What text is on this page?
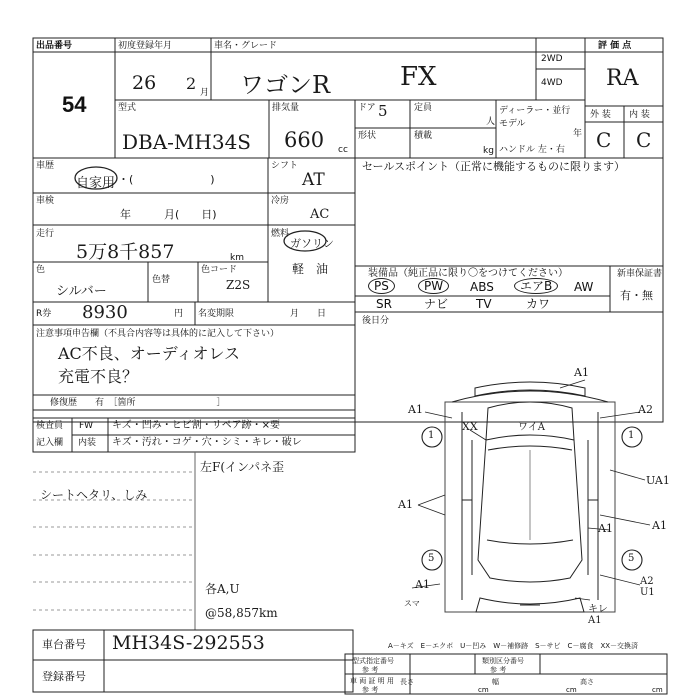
出品番号
54
初度登録年月
26 2 月
車名・グレード
ワゴンR	FX
2WD
4WD
評 価 点
RA
外 装 内 装
C C
型式
DBA-MH34S
排気量
660 cc
ドア 5
形状
定員
人
積載
kg
ディーラー・並行
モデル
年
ハンドル 左・右
車歴
自家用 ・(　　　　　　　)
車検
年　　　月(　　日)
走行
5万8千857	km
色
シルバー
色替
色コード
Z2S
R券 8930	円 名変期限	月　　日
シフト
AT
冷房
AC
燃料
ガソリン
軽　油
セールスポイント（正常に機能するものに限ります）
装備品（純正品に限り〇をつけてください）	新車保証書
有・無
PS	PW	ABS	エアB	AW
SR	ナビ TV	カワ
後日分
注意事項申告欄（不具合内容等は具体的に記入して下さい）
AC不良、オーディオレス
充電不良？
修復歴　　有　［箇所　　　　　　　　　］
検査員
記入欄
FW
内装
キズ・凹み・ヒビ割・リペア跡・×要
キズ・汚れ・コゲ・穴・シミ・キレ・破レ
左F(インパネ歪
シートヘタリ、しみ
各A,U
@58,857km
A1
ワイA
A1
XX
A2
UA1
A1
A1
A1
A1	A2 U1
キレ A1
1	1
5	5
スマ
A－キズ　E－エクボ　U－凹み　W－補修跡　S－サビ　C－腐食　XX－交換済
車台番号 MH34S-292553
登録番号
型式指定番号
参 考
類別区分番号
参 考
車 両 証 明 用
参 考
長さ
cm
幅
cm
高さ
cm
